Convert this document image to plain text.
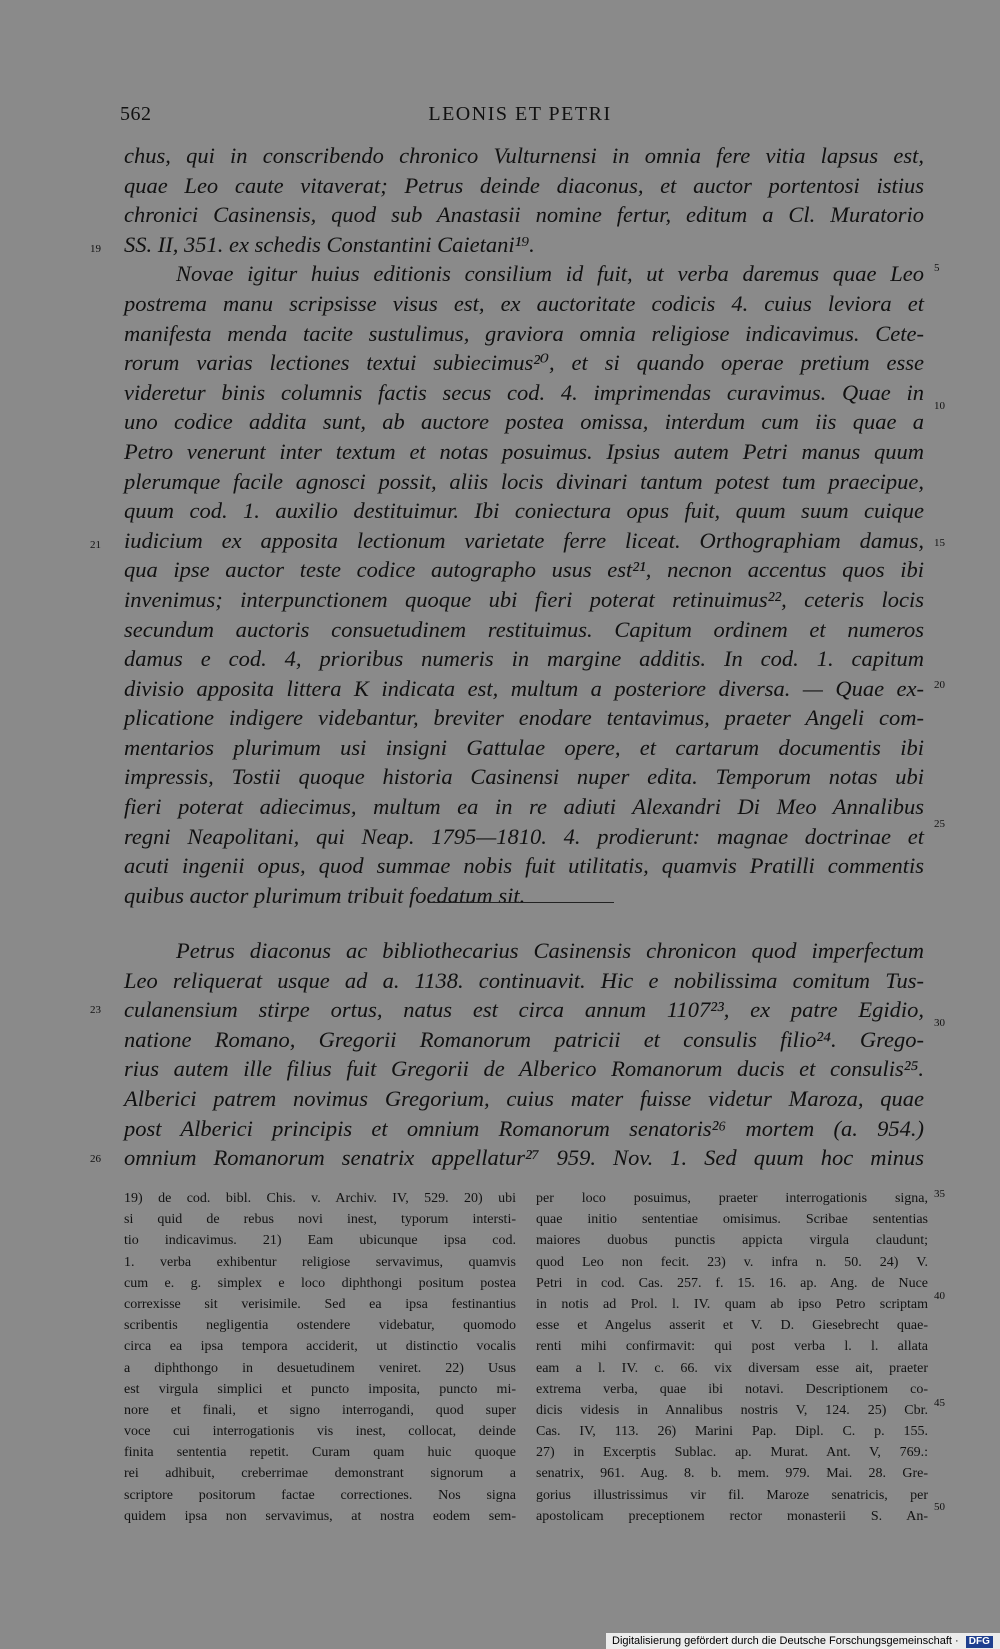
562	LEONIS ET PETRI
chus, qui in conscribendo chronico Vulturnensi in omnia fere vitia lapsus est,
quae Leo caute vitaverat; Petrus deinde diaconus, et auctor portentosi istius
chronici Casinensis, quod sub Anastasii nomine fertur, editum a Cl. Muratorio
SS. II, 351. ex schedis Constantini Caietani¹⁹.
Novae igitur huius editionis consilium id fuit, ut verba daremus quae Leo
postrema manu scripsisse visus est, ex auctoritate codicis 4. cuius leviora et
manifesta menda tacite sustulimus, graviora omnia religiose indicavimus. Cete-
rorum varias lectiones textui subiecimus²⁰, et si quando operae pretium esse
videretur binis columnis factis secus cod. 4. imprimendas curavimus. Quae in
uno codice addita sunt, ab auctore postea omissa, interdum cum iis quae a
Petro venerunt inter textum et notas posuimus. Ipsius autem Petri manus quum
plerumque facile agnosci possit, aliis locis divinari tantum potest tum praecipue,
quum cod. 1. auxilio destituimur. Ibi coniectura opus fuit, quum suum cuique
iudicium ex apposita lectionum varietate ferre liceat. Orthographiam damus,
qua ipse auctor teste codice autographo usus est²¹, necnon accentus quos ibi
invenimus; interpunctionem quoque ubi fieri poterat retinuimus²², ceteris locis
secundum auctoris consuetudinem restituimus. Capitum ordinem et numeros
damus e cod. 4, prioribus numeris in margine additis. In cod. 1. capitum
divisio apposita littera K indicata est, multum a posteriore diversa. — Quae ex-
plicatione indigere videbantur, breviter enodare tentavimus, praeter Angeli com-
mentarios plurimum usi insigni Gattulae opere, et cartarum documentis ibi
impressis, Tostii quoque historia Casinensi nuper edita. Temporum notas ubi
fieri poterat adiecimus, multum ea in re adiuti Alexandri Di Meo Annalibus
regni Neapolitani, qui Neap. 1795—1810. 4. prodierunt: magnae doctrinae et
acuti ingenii opus, quod summae nobis fuit utilitatis, quamvis Pratilli commentis
quibus auctor plurimum tribuit foedatum sit.
Petrus diaconus ac bibliothecarius Casinensis chronicon quod imperfectum
Leo reliquerat usque ad a. 1138. continuavit. Hic e nobilissima comitum Tus-
culanensium stirpe ortus, natus est circa annum 1107²³, ex patre Egidio,
natione Romano, Gregorii Romanorum patricii et consulis filio²⁴. Grego-
rius autem ille filius fuit Gregorii de Alberico Romanorum ducis et consulis²⁵.
Alberici patrem novimus Gregorium, cuius mater fuisse videtur Maroza, quae
post Alberici principis et omnium Romanorum senatoris²⁶ mortem (a. 954.)
omnium Romanorum senatrix appellatur²⁷ 959. Nov. 1. Sed quum hoc minus
19
21
23
26
5
10
15
20
25
30
35
40
45
50
19) de cod. bibl. Chis. v. Archiv. IV, 529. 20) ubi
si quid de rebus novi inest, typorum intersti-
tio indicavimus. 21) Eam ubicunque ipsa cod.
1. verba exhibentur religiose servavimus, quamvis
cum e. g. simplex e loco diphthongi positum postea
correxisse sit verisimile. Sed ea ipsa festinantius
scribentis negligentia ostendere videbatur, quomodo
circa ea ipsa tempora acciderit, ut distinctio vocalis
a diphthongo in desuetudinem veniret. 22) Usus
est virgula simplici et puncto imposita, puncto mi-
nore et finali, et signo interrogandi, quod super
voce cui interrogationis vis inest, collocat, deinde
finita sententia repetit. Curam quam huic quoque
rei adhibuit, creberrimae demonstrant signorum a
scriptore positorum factae correctiones. Nos signa
quidem ipsa non servavimus, at nostra eodem sem-
per loco posuimus, praeter interrogationis signa,
quae initio sententiae omisimus. Scribae sententias
maiores duobus punctis appicta virgula claudunt;
quod Leo non fecit. 23) v. infra n. 50. 24) V.
Petri in cod. Cas. 257. f. 15. 16. ap. Ang. de Nuce
in notis ad Prol. l. IV. quam ab ipso Petro scriptam
esse et Angelus asserit et V. D. Giesebrecht quae-
renti mihi confirmavit: qui post verba l. l. allata
eam a l. IV. c. 66. vix diversam esse ait, praeter
extrema verba, quae ibi notavi. Descriptionem co-
dicis videsis in Annalibus nostris V, 124. 25) Cbr.
Cas. IV, 113. 26) Marini Pap. Dipl. C. p. 155.
27) in Excerptis Sublac. ap. Murat. Ant. V, 769.:
senatrix, 961. Aug. 8. b. mem. 979. Mai. 28. Gre-
gorius illustrissimus vir fil. Maroze senatricis, per
apostolicam preceptionem rector monasterii S. An-
Digitalisierung gefördert durch die Deutsche Forschungsgemeinschaft · DFG
